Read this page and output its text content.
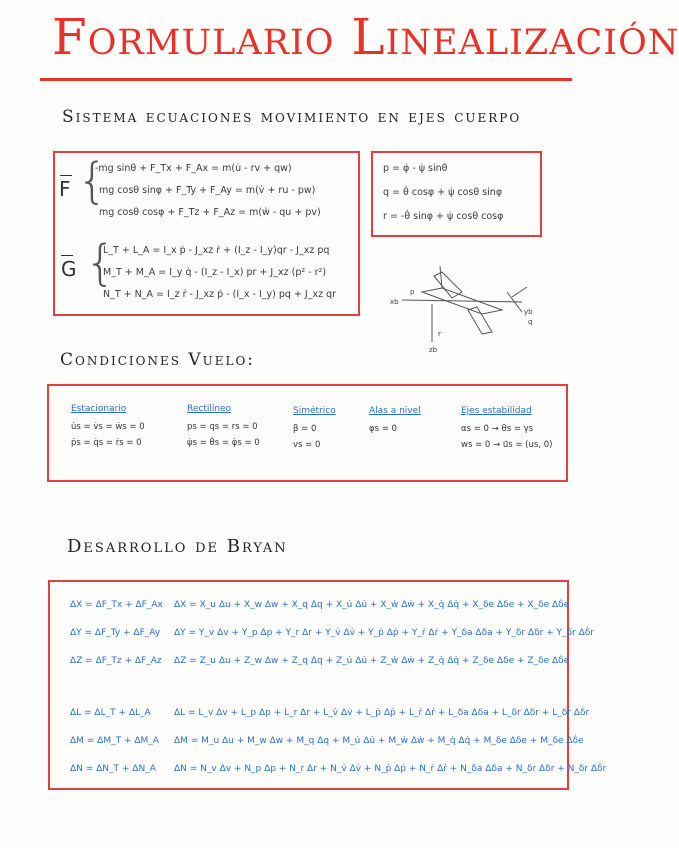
Formulario Linealización
Sistema ecuaciones movimiento en ejes cuerpo
F {
-mg sinθ + F_Tx + F_Ax = m(u̇ - rv + qw)
mg cosθ sinφ + F_Ty + F_Ay = m(v̇ + ru - pw)
mg cosθ cosφ + F_Tz + F_Az = m(ẇ - qu + pv)
G {
L_T + L_A = I_x ṗ - J_xz ṙ + (I_z - I_y)qr - J_xz pq
M_T + M_A = I_y q̇ - (I_z - I_x) pr + J_xz (p² - r²)
N_T + N_A = I_z ṙ - J_xz ṗ - (I_x - I_y) pq + J_xz qr
p = φ̇ - ψ̇ sinθ
q = θ̇ cosφ + ψ̇ cosθ sinφ
r = -θ̇ sinφ + ψ̇ cosθ cosφ
xb
yb
zb
p
q
r
Condiciones Vuelo:
Estacionario
u̇s = v̇s = ẇs = 0
ṗs = q̇s = ṙs = 0
Rectilíneo
ps = qs = rs = 0
ψ̇s = θ̇s = φ̇s = 0
Simétrico
β = 0
vs = 0
Alas a nivel
φs = 0
Ejes estabilidad
αs = 0 → θs = γs
ws = 0 → u⃗s = (us, 0)
Desarrollo de Bryan
ΔX = ΔF_Tx + ΔF_Ax ΔX = X_u Δu + X_w Δw + X_q Δq + X_u̇ Δu̇ + X_ẇ Δẇ + X_q̇ Δq̇ + X_δe Δδe + X_δe Δδ̇e
ΔY = ΔF_Ty + ΔF_Ay ΔY = Y_v Δv + Y_p Δp + Y_r Δr + Y_v̇ Δv̇ + Y_ṗ Δṗ + Y_ṙ Δṙ + Y_δa Δδa + Y_δr Δδr + Y_δr Δδ̇r
ΔZ = ΔF_Tz + ΔF_Az ΔZ = Z_u Δu + Z_w Δw + Z_q Δq + Z_u̇ Δu̇ + Z_ẇ Δẇ + Z_q̇ Δq̇ + Z_δe Δδe + Z_δe Δδ̇e
ΔL = ΔL_T + ΔL_A	ΔL = L_v Δv + L_p Δp + L_r Δr + L_v̇ Δv̇ + L_ṗ Δṗ + L_ṙ Δṙ + L_δa Δδa + L_δr Δδr + L_δr Δδ̇r
ΔM = ΔM_T + ΔM_A ΔM = M_u Δu + M_w Δw + M_q Δq + M_u̇ Δu̇ + M_ẇ Δẇ + M_q̇ Δq̇ + M_δe Δδe + M_δe Δδ̇e
ΔN = ΔN_T + ΔN_A ΔN = N_v Δv + N_p Δp + N_r Δr + N_v̇ Δv̇ + N_ṗ Δṗ + N_ṙ Δṙ + N_δa Δδa + N_δr Δδr + N_δr Δδ̇r
